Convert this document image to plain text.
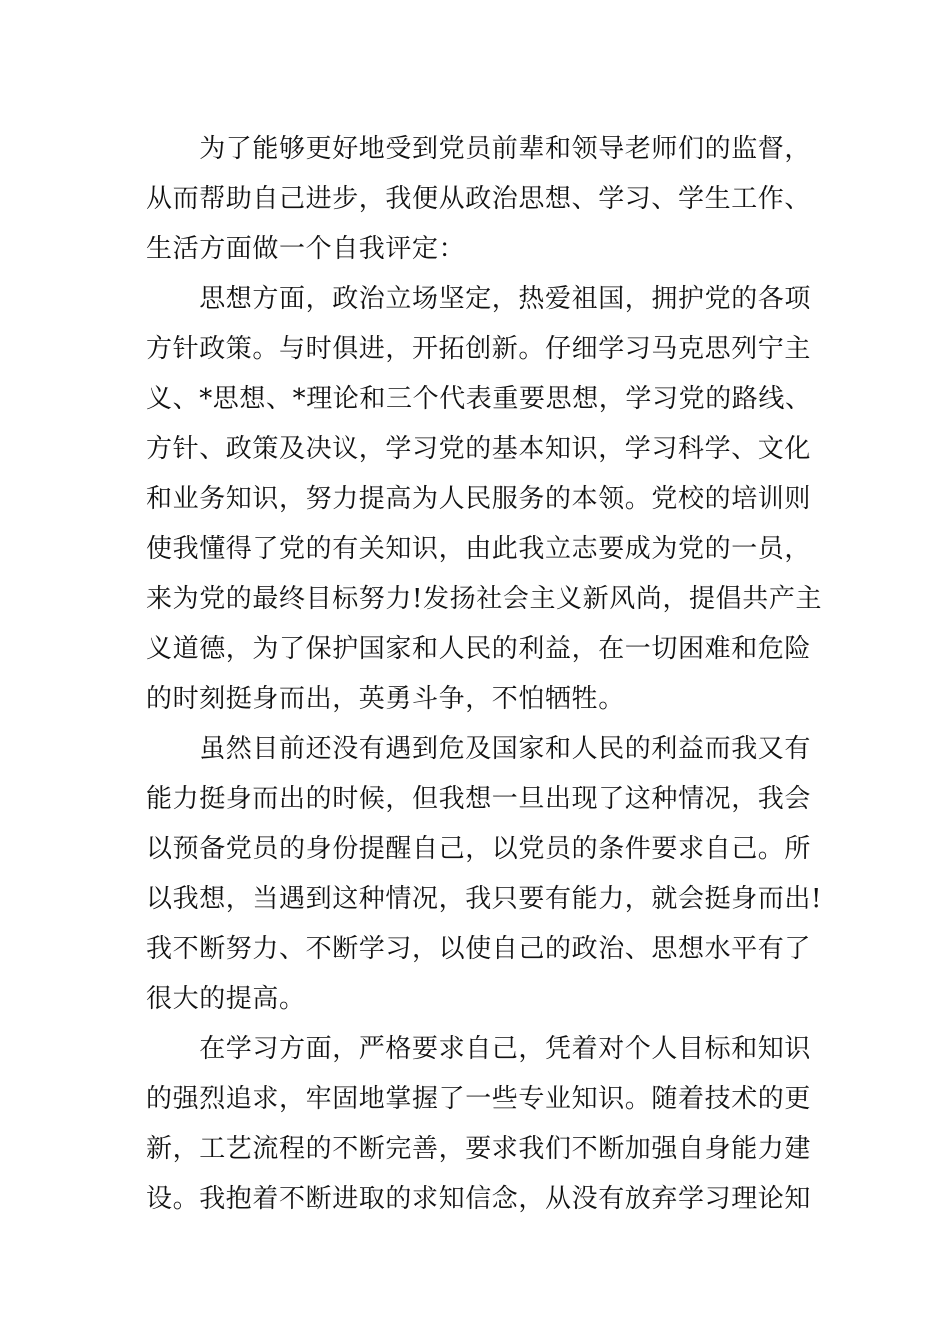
　　为了能够更好地受到党员前辈和领导老师们的监督，
从而帮助自己进步，我便从政治思想、学习、学生工作、
生活方面做一个自我评定：
　　思想方面，政治立场坚定，热爱祖国，拥护党的各项
方针政策。与时俱进，开拓创新。仔细学习马克思列宁主
义、*思想、*理论和三个代表重要思想，学习党的路线、
方针、政策及决议，学习党的基本知识，学习科学、文化
和业务知识，努力提高为人民服务的本领。党校的培训则
使我懂得了党的有关知识，由此我立志要成为党的一员，
来为党的最终目标努力!发扬社会主义新风尚，提倡共产主
义道德，为了保护国家和人民的利益，在一切困难和危险
的时刻挺身而出，英勇斗争，不怕牺牲。
　　虽然目前还没有遇到危及国家和人民的利益而我又有
能力挺身而出的时候，但我想一旦出现了这种情况，我会
以预备党员的身份提醒自己，以党员的条件要求自己。所
以我想，当遇到这种情况，我只要有能力，就会挺身而出!
我不断努力、不断学习，以使自己的政治、思想水平有了
很大的提高。
　　在学习方面，严格要求自己，凭着对个人目标和知识
的强烈追求，牢固地掌握了一些专业知识。随着技术的更
新，工艺流程的不断完善，要求我们不断加强自身能力建
设。我抱着不断进取的求知信念，从没有放弃学习理论知
